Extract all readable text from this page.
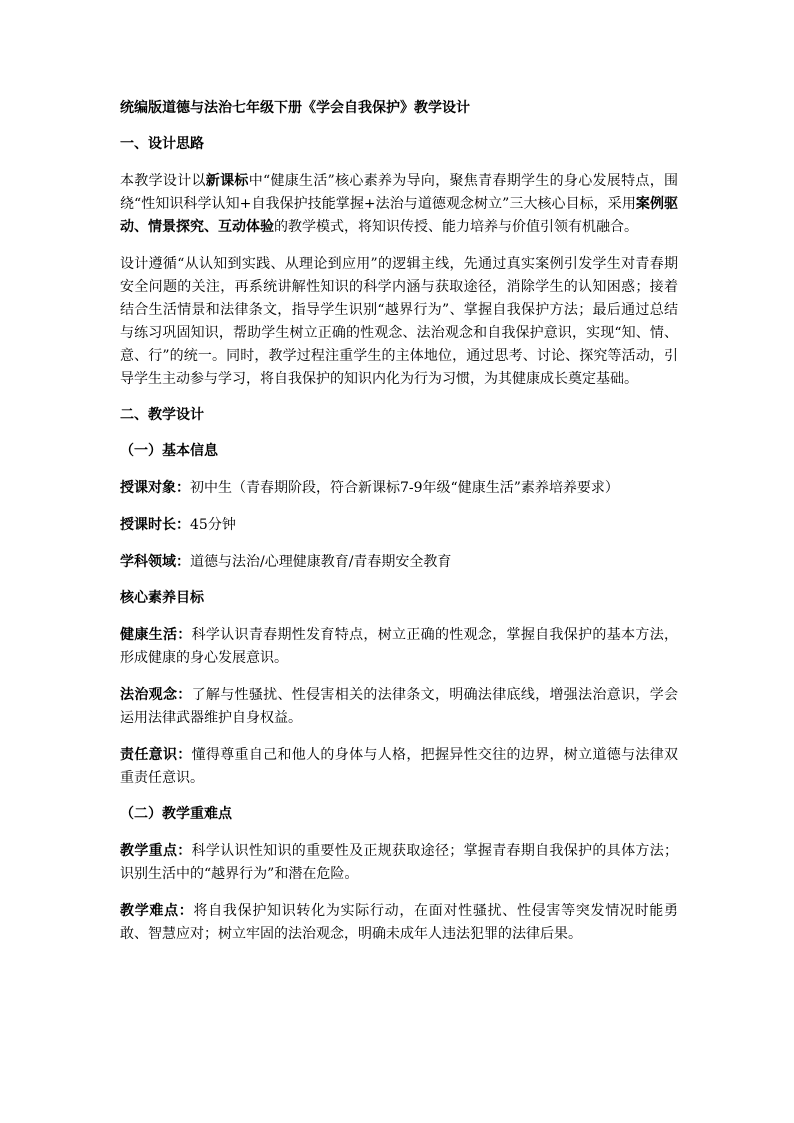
统编版道德与法治七年级下册《学会自我保护》教学设计
一、设计思路
本教学设计以新课标中“健康生活”核心素养为导向，聚焦青春期学生的身心发展特点，围绕“性知识科学认知+自我保护技能掌握+法治与道德观念树立”三大核心目标，采用案例驱动、情景探究、互动体验的教学模式，将知识传授、能力培养与价值引领有机融合。
设计遵循“从认知到实践、从理论到应用”的逻辑主线，先通过真实案例引发学生对青春期安全问题的关注，再系统讲解性知识的科学内涵与获取途径，消除学生的认知困惑；接着结合生活情景和法律条文，指导学生识别“越界行为”、掌握自我保护方法；最后通过总结与练习巩固知识，帮助学生树立正确的性观念、法治观念和自我保护意识，实现“知、情、意、行”的统一。同时，教学过程注重学生的主体地位，通过思考、讨论、探究等活动，引导学生主动参与学习，将自我保护的知识内化为行为习惯，为其健康成长奠定基础。
二、教学设计
（一）基本信息
授课对象：初中生（青春期阶段，符合新课标7-9年级“健康生活”素养培养要求）
授课时长：45分钟
学科领域：道德与法治/心理健康教育/青春期安全教育
核心素养目标
健康生活：科学认识青春期性发育特点，树立正确的性观念，掌握自我保护的基本方法，形成健康的身心发展意识。
法治观念：了解与性骚扰、性侵害相关的法律条文，明确法律底线，增强法治意识，学会运用法律武器维护自身权益。
责任意识：懂得尊重自己和他人的身体与人格，把握异性交往的边界，树立道德与法律双重责任意识。
（二）教学重难点
教学重点：科学认识性知识的重要性及正规获取途径；掌握青春期自我保护的具体方法；识别生活中的“越界行为”和潜在危险。
教学难点：将自我保护知识转化为实际行动，在面对性骚扰、性侵害等突发情况时能勇敢、智慧应对；树立牢固的法治观念，明确未成年人违法犯罪的法律后果。
